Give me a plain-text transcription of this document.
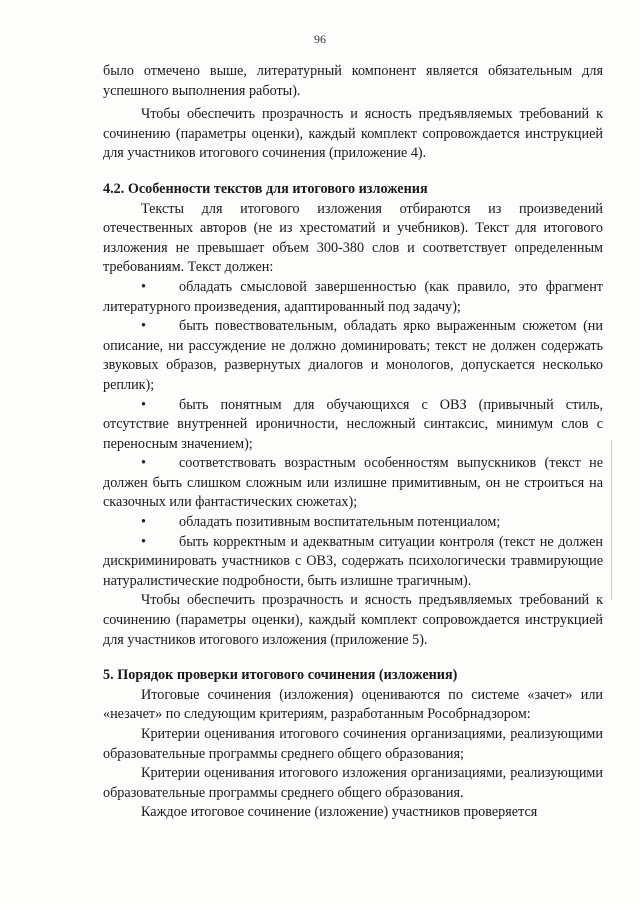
96

было отмечено выше, литературный компонент является обязательным для успешного выполнения работы).

Чтобы обеспечить прозрачность и ясность предъявляемых требований к сочинению (параметры оценки), каждый комплект сопровождается инструкцией для участников итогового сочинения (приложение 4).

4.2. Особенности текстов для итогового изложения

Тексты для итогового изложения отбираются из произведений отечественных авторов (не из хрестоматий и учебников). Текст для итогового изложения не превышает объем 300-380 слов и соответствует определенным требованиям. Текст должен:

• обладать смысловой завершенностью (как правило, это фрагмент литературного произведения, адаптированный под задачу);
• быть повествовательным, обладать ярко выраженным сюжетом (ни описание, ни рассуждение не должно доминировать; текст не должен содержать звуковых образов, развернутых диалогов и монологов, допускается несколько реплик);
• быть понятным для обучающихся с ОВЗ (привычный стиль, отсутствие внутренней ироничности, несложный синтаксис, минимум слов с переносным значением);
• соответствовать возрастным особенностям выпускников (текст не должен быть слишком сложным или излишне примитивным, он не строиться на сказочных или фантастических сюжетах);
• обладать позитивным воспитательным потенциалом;
• быть корректным и адекватным ситуации контроля (текст не должен дискриминировать участников с ОВЗ, содержать психологически травмирующие натуралистические подробности, быть излишне трагичным).

Чтобы обеспечить прозрачность и ясность предъявляемых требований к сочинению (параметры оценки), каждый комплект сопровождается инструкцией для участников итогового изложения (приложение 5).

5. Порядок проверки итогового сочинения (изложения)

Итоговые сочинения (изложения) оцениваются по системе «зачет» или «незачет» по следующим критериям, разработанным Рособрнадзором:

Критерии оценивания итогового сочинения организациями, реализующими образовательные программы среднего общего образования;

Критерии оценивания итогового изложения организациями, реализующими образовательные программы среднего общего образования.

Каждое итоговое сочинение (изложение) участников проверяется
